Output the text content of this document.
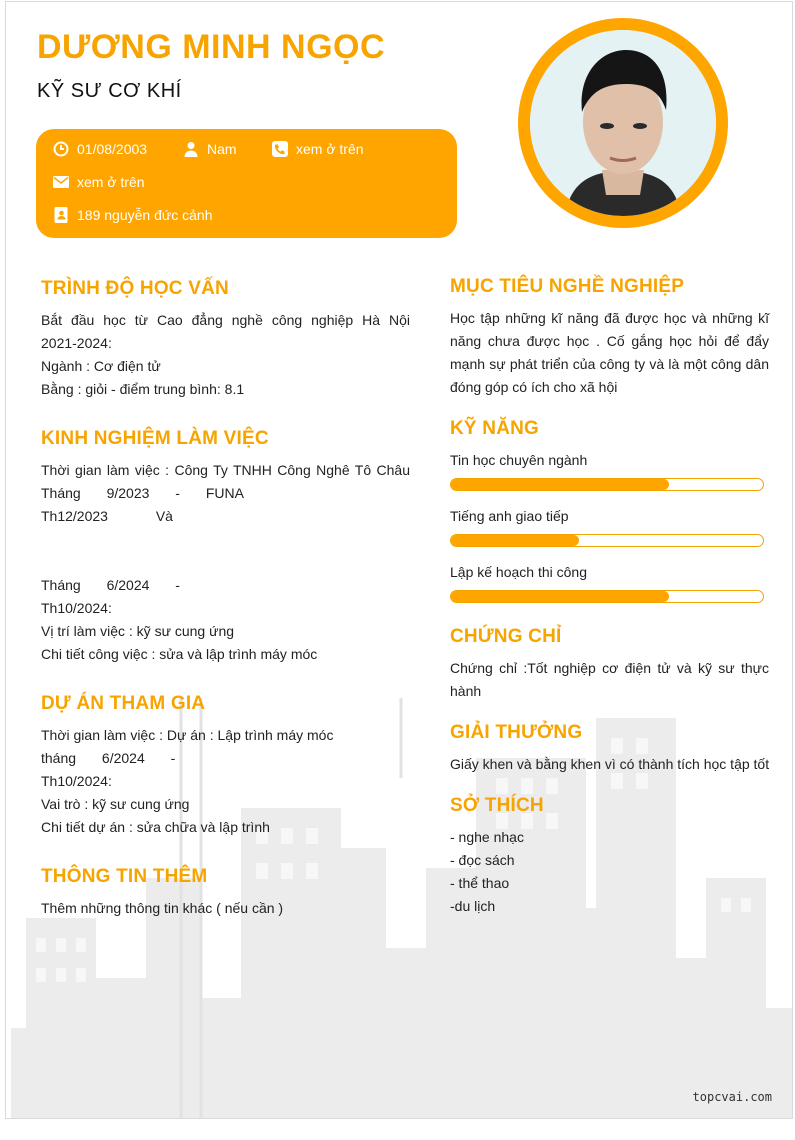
DƯƠNG MINH NGỌC
KỸ SƯ CƠ KHÍ
01/08/2003	Nam	xem ở trên
xem ở trên
189 nguyễn đức cảnh
TRÌNH ĐỘ HỌC VẤN
Bắt đầu học từ Cao đẳng nghề công nghiệp Hà Nội
2021-2024:
Ngành : Cơ điện tử
Bằng : giỏi - điểm trung bình: 8.1
KINH NGHIỆM LÀM VIỆC
Thời gian làm việc : Công Ty TNHH Công Nghê Tô Châu
Tháng 9/2023 - FUNA
Th12/2023 Và
Tháng 6/2024 -
Th10/2024:
Vị trí làm việc : kỹ sư cung ứng
Chi tiết công việc : sửa và lập trình máy móc
DỰ ÁN THAM GIA
Thời gian làm việc : Dự án : Lập trình máy móc
tháng 6/2024 -
Th10/2024:
Vai trò : kỹ sư cung ứng
Chi tiết dự án : sửa chữa và lập trình
THÔNG TIN THÊM
Thêm những thông tin khác ( nếu cần )
MỤC TIÊU NGHỀ NGHIỆP
Học tập những kĩ năng đã được học và những kĩ năng chưa được học . Cố gắng học hỏi để đẩy mạnh sự phát triển của công ty và là một công dân đóng góp có ích cho xã hội
KỸ NĂNG
Tin học chuyên ngành
Tiếng anh giao tiếp
Lập kế hoạch thi công
CHỨNG CHỈ
Chứng chỉ :Tốt nghiệp cơ điện tử và kỹ sư thực hành
GIẢI THƯỞNG
Giấy khen và bằng khen vì có thành tích học tập tốt
SỞ THÍCH
- nghe nhạc
- đọc sách
- thể thao
-du lịch
topcvai.com
